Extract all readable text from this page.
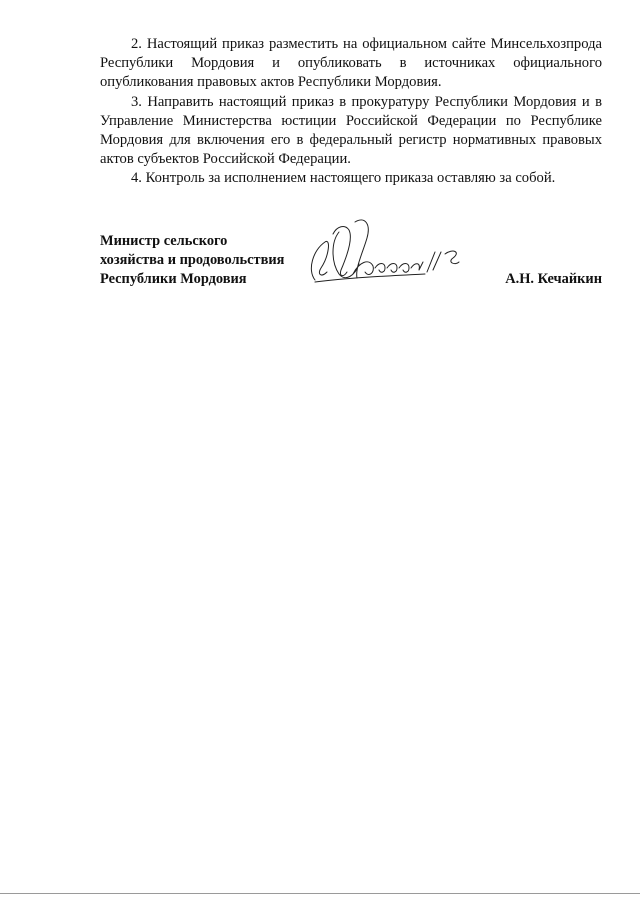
2. Настоящий приказ разместить на официальном сайте Минсельхозпрода Республики Мордовия и опубликовать в источниках официального опубликования правовых актов Республики Мордовия.

3. Направить настоящий приказ в прокуратуру Республики Мордовия и в Управление Министерства юстиции Российской Федерации по Республике Мордовия для включения его в федеральный регистр нормативных правовых актов субъектов Российской Федерации.

4. Контроль за исполнением настоящего приказа оставляю за собой.

Министр сельского
хозяйства и продовольствия
Республики Мордовия	А.Н. Кечайкин
